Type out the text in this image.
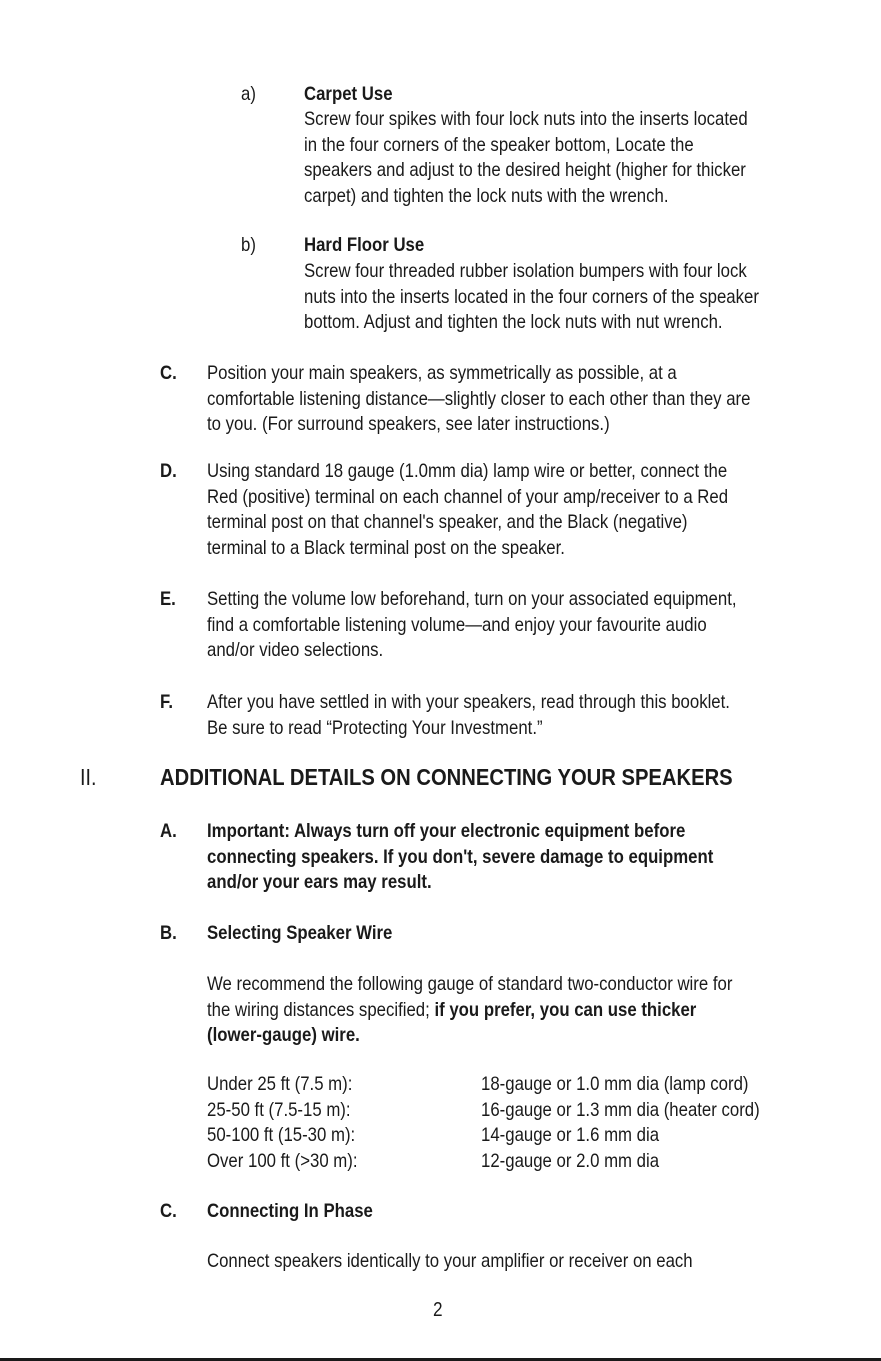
a) Carpet Use
Screw four spikes with four lock nuts into the inserts located
in the four corners of the speaker bottom, Locate the
speakers and adjust to the desired height (higher for thicker
carpet) and tighten the lock nuts with the wrench.
b) Hard Floor Use
Screw four threaded rubber isolation bumpers with four lock
nuts into the inserts located in the four corners of the speaker
bottom. Adjust and tighten the lock nuts with nut wrench.
C. Position your main speakers, as symmetrically as possible, at a
comfortable listening distance—slightly closer to each other than they are
to you. (For surround speakers, see later instructions.)
D. Using standard 18 gauge (1.0mm dia) lamp wire or better, connect the
Red (positive) terminal on each channel of your amp/receiver to a Red
terminal post on that channel's speaker, and the Black (negative)
terminal to a Black terminal post on the speaker.
E. Setting the volume low beforehand, turn on your associated equipment,
find a comfortable listening volume—and enjoy your favourite audio
and/or video selections.
F. After you have settled in with your speakers, read through this booklet.
Be sure to read “Protecting Your Investment.”
II.	ADDITIONAL DETAILS ON CONNECTING YOUR SPEAKERS
A. Important: Always turn off your electronic equipment before
connecting speakers. If you don't, severe damage to equipment
and/or your ears may result.
B. Selecting Speaker Wire
We recommend the following gauge of standard two-conductor wire for
the wiring distances specified; if you prefer, you can use thicker
(lower-gauge) wire.
Under 25 ft (7.5 m):
25-50 ft (7.5-15 m):
50-100 ft (15-30 m):
Over 100 ft (>30 m):
18-gauge or 1.0 mm dia (lamp cord)
16-gauge or 1.3 mm dia (heater cord)
14-gauge or 1.6 mm dia
12-gauge or 2.0 mm dia
C. Connecting In Phase
Connect speakers identically to your amplifier or receiver on each
2
